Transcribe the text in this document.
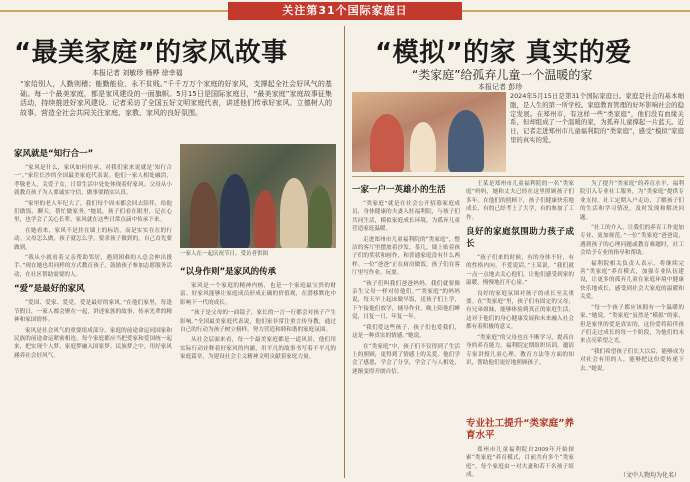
关注第31个国际家庭日
“最美家庭”的家风故事
本报记者 刘敏珍 杨桦 徐幸福
“家给别人，人勤则稽；能勤能俭，永不贫贱。”千千万万个家庭的好家风，支撑起全社会好风气的基础。每一个最美家庭，都是家风建设的一面旗帜。5月15日是国际家庭日，“最美家庭”家庭故事征集活动，持续推进好家风建设。记者采访了全国五好文明家庭代表，讲述他们传承好家风、立德树人的故事，营造全社会共同关注家庭、家教、家风的良好氛围。
家风就是“知行合一”

“家风是什么，家风如何传承，对我们家来说就是‘知行合一’。”家住长沙的全国最美家庭代表说。他们一家人相处融洽，孝敬老人，关爱子女，日常生活中处处体现着好家风。父母从小就教育孩子为人要诚实守信，做事要踏实认真。

“家里的老人年纪大了，我们每个周末都会回去陪伴，给他们做饭、聊天，帮忙做家务。”她说，孩子们看在眼里，记在心里，也学会了关心长辈。家风就在这些日常点滴中传承下来。

在她看来，家风不是挂在墙上的标语，而是实实在在的行动。父母怎么做，孩子就怎么学。要求孩子做到的，自己首先要做到。

“我从小就看着父亲帮助邻居，遇到困难的人总会伸出援手。”现在她也用同样的方式教育孩子，鼓励孩子参加志愿服务活动，在社区帮助需要的人。

“爱”是最好的家风

“爱国、爱家、爱党，爱是最好的家风。”在他们家里，每逢节假日，一家人都会聚在一起，讲述家族的故事，传承先辈的精神和家国情怀。

家风是社会风气的重要组成部分。家庭的前途命运同国家和民族的前途命运紧密相连，每个家庭都应当把爱家和爱国统一起来，把实现个人梦、家庭梦融入国家梦、民族梦之中，用好家风涵养社会好风气。

一家人在一起庆祝节日。受访者供图
“以身作则”是家风的传承

家风是一个家庭的精神内核，也是一个家庭最宝贵的财富。好家风能够让家庭成员形成正确的价值观，在潜移默化中影响下一代的成长。

“孩子是父母的一面镜子，家长的一言一行都会对孩子产生影响。”全国最美家庭代表说，他们家非常注重言传身教，通过自己的行动为孩子树立榜样，努力营造和睦和谐的家庭氛围。

从社会层面来看，每一个最美家庭都是一道风景，他们用实际行动诠释着好家风的内涵，用平凡的故事书写着不平凡的家庭篇章，为建设社会主义精神文明贡献着家庭力量。

“模拟”的家 真实的爱
“类家庭”给孤弃儿童一个温暖的家
本报记者 彭珍
2024年5月15日是第31个国际家庭日。家庭是社会的基本细胞，是人生的第一所学校。家庭教育管理的好坏影响社会的稳定发展。在郑州市，有这样一些“类家庭”，他们没有血缘关系，但却组成了一个温暖的家，为孤弃儿童撑起一片蓝天。近日，记者走进郑州市儿童福利院的“类家庭”，感受“模拟”家庭里的真实的爱。
一家一户一英雄小的生活

“类家庭”就是在社会公开招募家庭成员，身体健康的夫妻入驻福利院，与孩子们共同生活，模拟家庭成长环境，为孤弃儿童营造家庭温暖。

走进郑州市儿童福利院的“类家庭”，整洁的客厅里摆放着沙发、茶几，墙上贴着孩子们的奖状和画作，和普通家庭没有什么两样。一位“爸爸”正在厨房做饭，孩子们在客厅里写作业、玩耍。

“孩子们叫我们爸爸妈妈，我们就要像亲生父母一样对待他们。”“类家庭”的妈妈说，每天早上起床做早饭，送孩子们上学，下午接他们放学，辅导作业，晚上陪他们睡觉，日复一日，年复一年。

“我们爱这些孩子，孩子们也爱我们，这是一种真实的情感。”她说。

在“类家庭”中，孩子们不仅得到了生活上的照顾，更得到了情感上的关爱。他们学会了感恩，学会了分享，学会了与人相处，逐渐变得开朗自信。

王某是郑州市儿童福利院的一名“类家庭”妈妈，她和丈夫已经在这里照顾孩子们多年。在他们的照顾下，孩子们健康快乐地成长，有的已经考上了大学，有的参加了工作。

良好的家庭氛围助力孩子成长

“孩子们来的时候，有的身体不好，有的性格内向，不爱说话。”王某说，“我们就一点一点地去关心他们，让他们感受到家的温暖，慢慢地打开心扉。”

良好的家庭氛围对孩子的成长至关重要。在“类家庭”里，孩子们有固定的父母，有兄弟姐妹，能够体验到真正的家庭生活，这对于他们的身心健康发展和未来融入社会都有着积极的意义。

“类家庭”的父母也在不断学习，提高自身的养育能力。福利院定期组织培训，邀请专家讲授儿童心理、教育方法等方面的知识，帮助他们更好地照顾孩子。

专业社工提升“类家庭”养育水平

郑州市儿童福利院自2009年开始探索“类家庭”养育模式，目前共有多个“类家庭”，每个家庭由一对夫妻和若干名孩子组成。

为了提升“类家庭”的养育水平，福利院引入专业社工服务，为“类家庭”提供专业支持。社工定期入户走访，了解孩子们的生活和学习情况，及时发现和解决问题。

“社工的介入，让我们的养育工作更加专业、更加规范。”一位“类家庭”爸爸说，遇到孩子的心理问题或教育难题时，社工会给予专业的指导和帮助。

福利院相关负责人表示，将继续完善“类家庭”养育模式，加强专业队伍建设，让更多的孤弃儿童在家庭环境中健康快乐地成长，感受到社会大家庭的温暖和关爱。

“每一个孩子都应该拥有一个温暖的家。”她说，“类家庭”虽然是“模拟”的家，但是家里的爱是真实的，这份爱将陪伴孩子们走过成长的每一个阶段，为他们的未来点亮希望之光。

“我们希望孩子们长大以后，能够成为对社会有用的人，能够把这份爱传递下去。”她说。

（文中人物均为化名）
